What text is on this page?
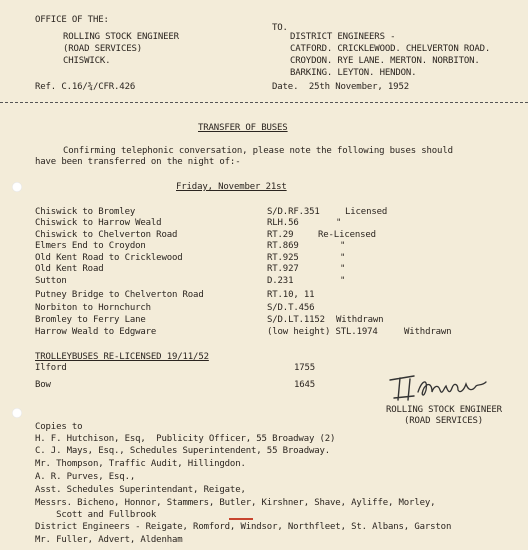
OFFICE OF THE:
ROLLING STOCK ENGINEER
(ROAD SERVICES)
CHISWICK.
TO.
DISTRICT ENGINEERS -
CATFORD. CRICKLEWOOD. CHELVERTON ROAD.
CROYDON. RYE LANE. MERTON. NORBITON.
BARKING. LEYTON. HENDON.
Ref. C.16/¾/CFR.426	Date.  25th November, 1952
TRANSFER OF BUSES
Confirming telephonic conversation, please note the following buses should
have been transferred on the night of:-
Friday, November 21st
Chiswick to Bromley	S/D.RF.351	Licensed
Chiswick to Harrow Weald	RLH.56	"
Chiswick to Chelverton Road	RT.29	Re-Licensed
Elmers End to Croydon	RT.869	"
Old Kent Road to Cricklewood	RT.925	"
Old Kent Road	RT.927	"
Sutton	D.231	"
Putney Bridge to Chelverton Road	RT.10, 11
Norbiton to Hornchurch	S/D.T.456
Bromley to Ferry Lane	S/D.LT.1152 Withdrawn
Harrow Weald to Edgware	(low height) STL.1974	Withdrawn
TROLLEYBUSES RE-LICENSED 19/11/52
Ilford	1755
Bow	1645
ROLLING STOCK ENGINEER
(ROAD SERVICES)
Copies to
H. F. Hutchison, Esq,  Publicity Officer, 55 Broadway (2)
C. J. Mays, Esq., Schedules Superintendent, 55 Broadway.
Mr. Thompson, Traffic Audit, Hillingdon.
A. R. Purves, Esq.,
Asst. Schedules Superintendant, Reigate,
Messrs. Bicheno, Honnor, Stammers, Butler, Kirshner, Shave, Ayliffe, Morley,
Scott and Fullbrook
District Engineers - Reigate, Romford, Windsor, Northfleet, St. Albans, Garston
Mr. Fuller, Advert, Aldenham
